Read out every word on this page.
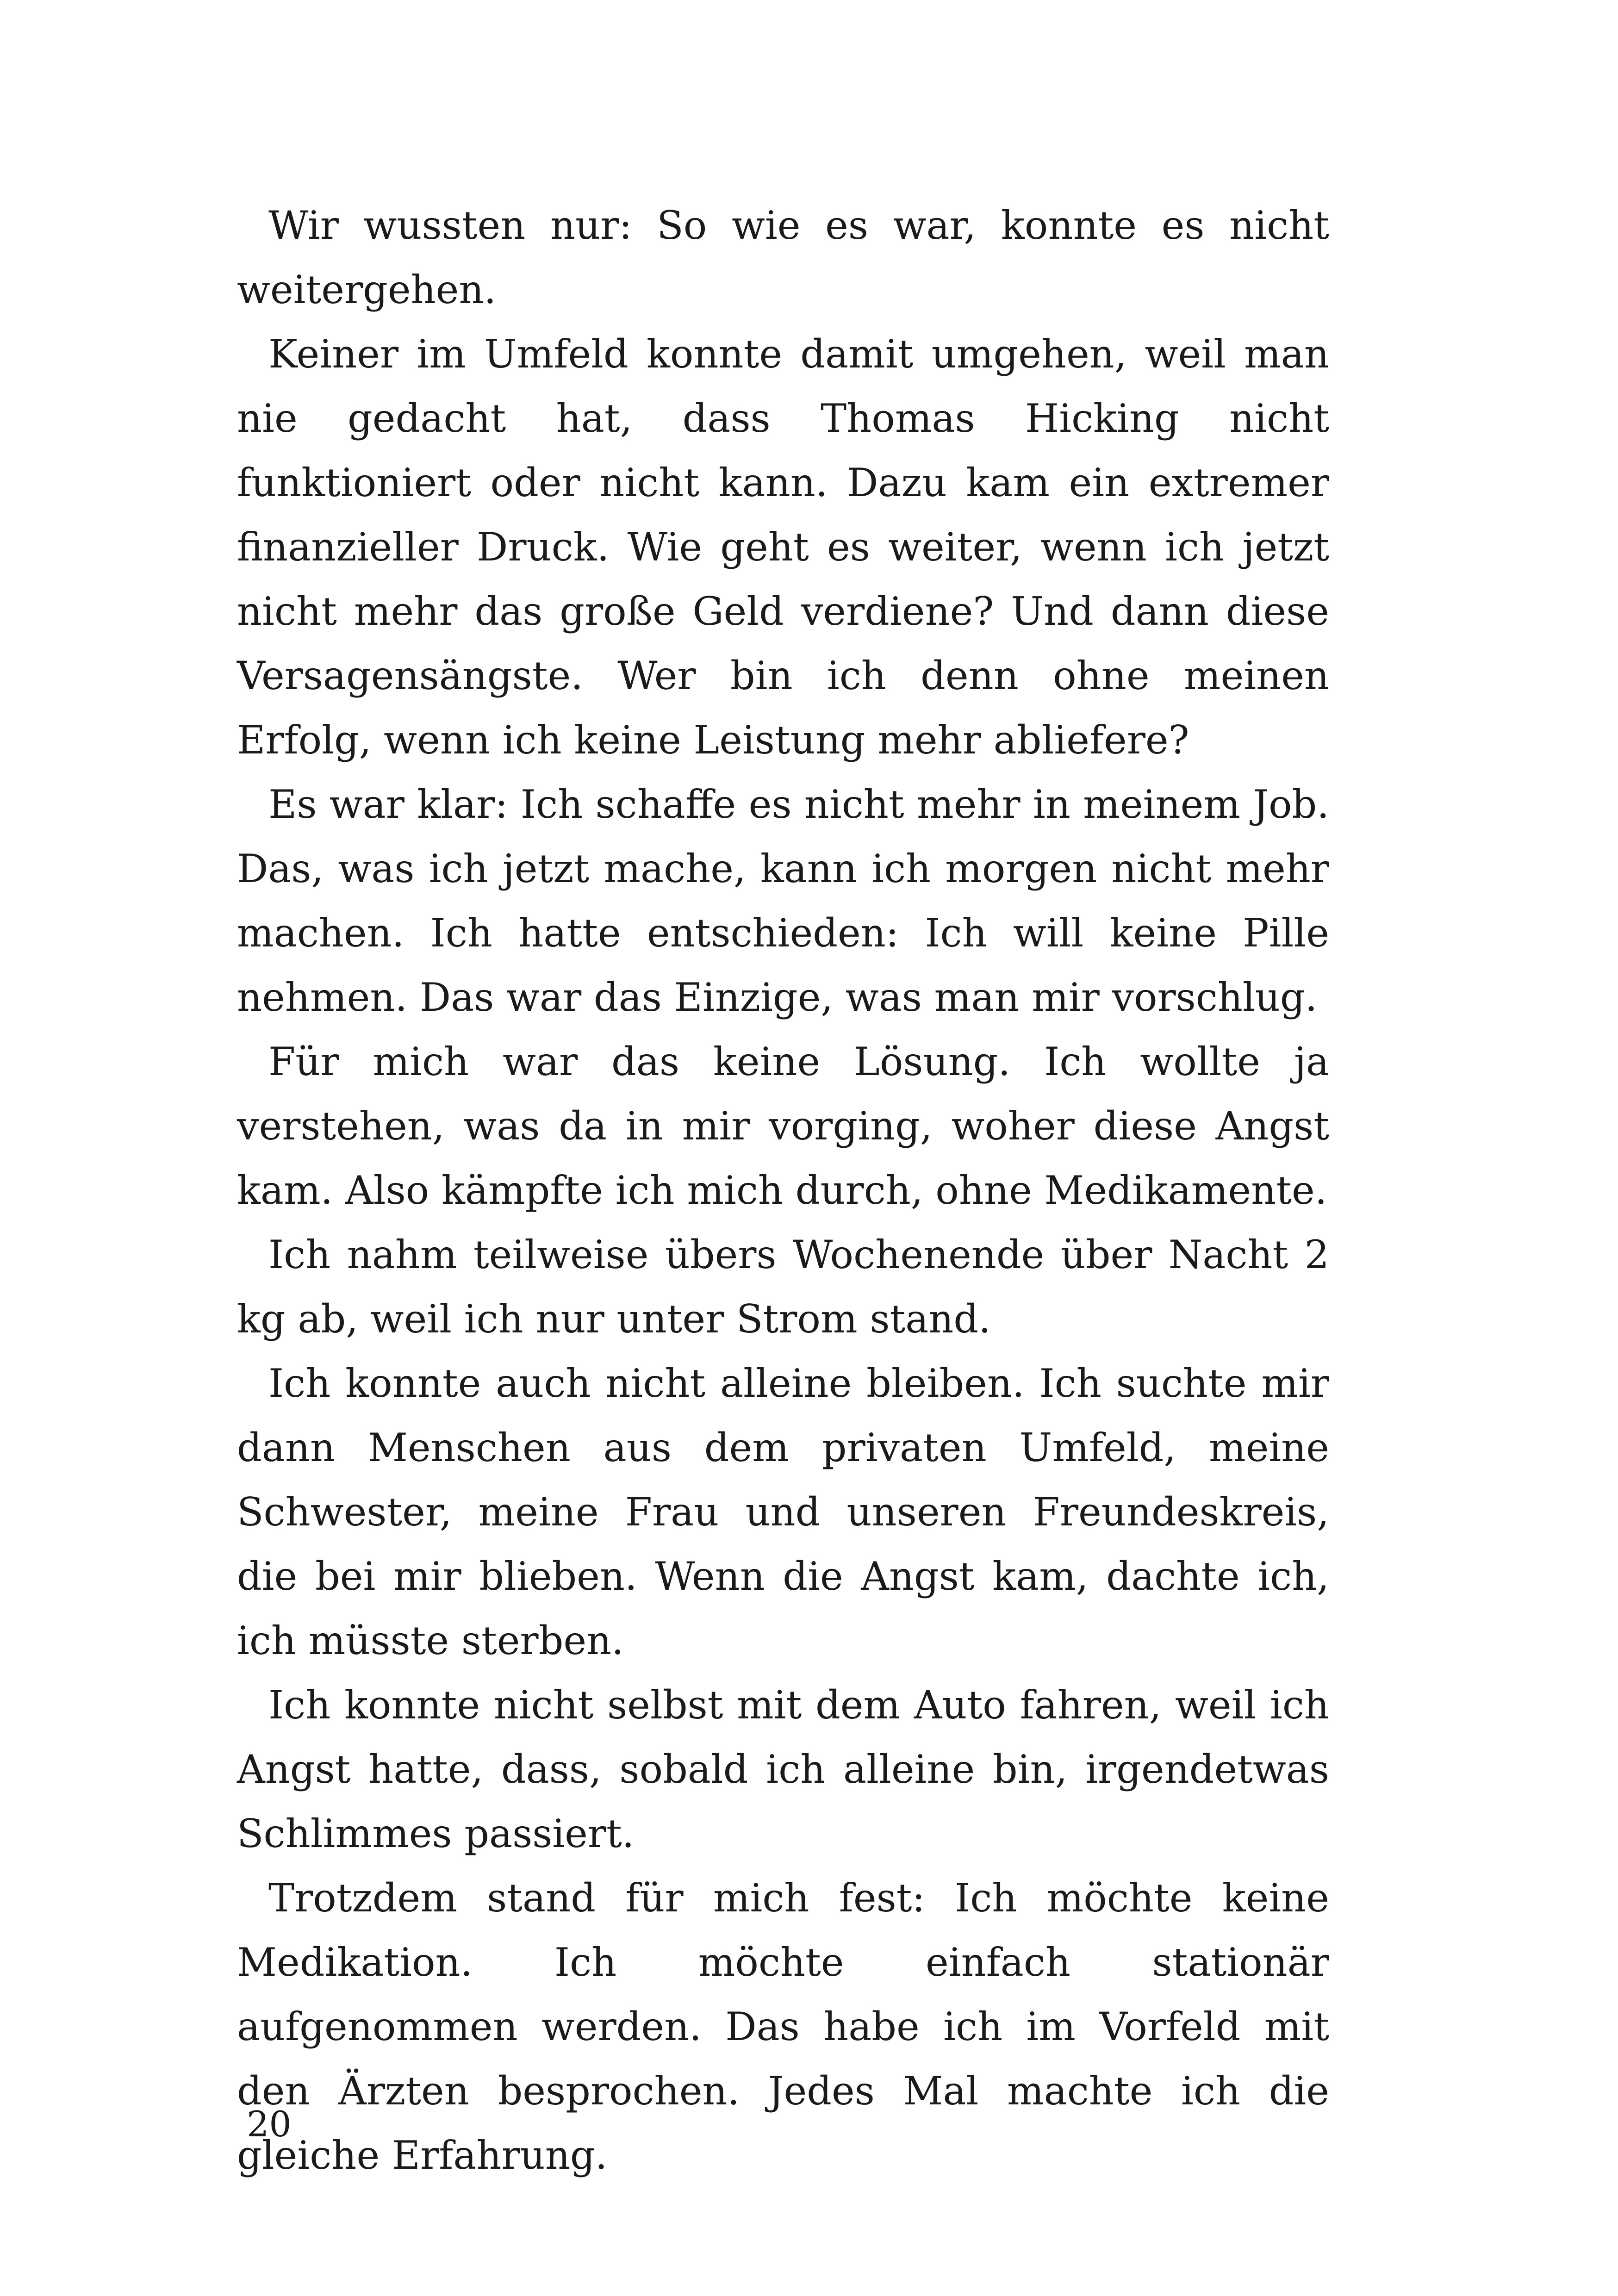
Wir wussten nur: So wie es war, konnte es nicht weitergehen.

Keiner im Umfeld konnte damit umgehen, weil man nie gedacht hat, dass Thomas Hicking nicht funktioniert oder nicht kann. Dazu kam ein extremer finanzieller Druck. Wie geht es weiter, wenn ich jetzt nicht mehr das große Geld verdiene? Und dann diese Versagensängste. Wer bin ich denn ohne meinen Erfolg, wenn ich keine Leistung mehr abliefere?

Es war klar: Ich schaffe es nicht mehr in meinem Job. Das, was ich jetzt mache, kann ich morgen nicht mehr machen. Ich hatte entschieden: Ich will keine Pille nehmen. Das war das Einzige, was man mir vorschlug.

Für mich war das keine Lösung. Ich wollte ja verstehen, was da in mir vorging, woher diese Angst kam. Also kämpfte ich mich durch, ohne Medikamente.

Ich nahm teilweise übers Wochenende über Nacht 2 kg ab, weil ich nur unter Strom stand.

Ich konnte auch nicht alleine bleiben. Ich suchte mir dann Menschen aus dem privaten Umfeld, meine Schwester, meine Frau und unseren Freundeskreis, die bei mir blieben. Wenn die Angst kam, dachte ich, ich müsste sterben.

Ich konnte nicht selbst mit dem Auto fahren, weil ich Angst hatte, dass, sobald ich alleine bin, irgendetwas Schlimmes passiert.

Trotzdem stand für mich fest: Ich möchte keine Medikation. Ich möchte einfach stationär aufgenommen werden. Das habe ich im Vorfeld mit den Ärzten besprochen. Jedes Mal machte ich die gleiche Erfahrung.

20
